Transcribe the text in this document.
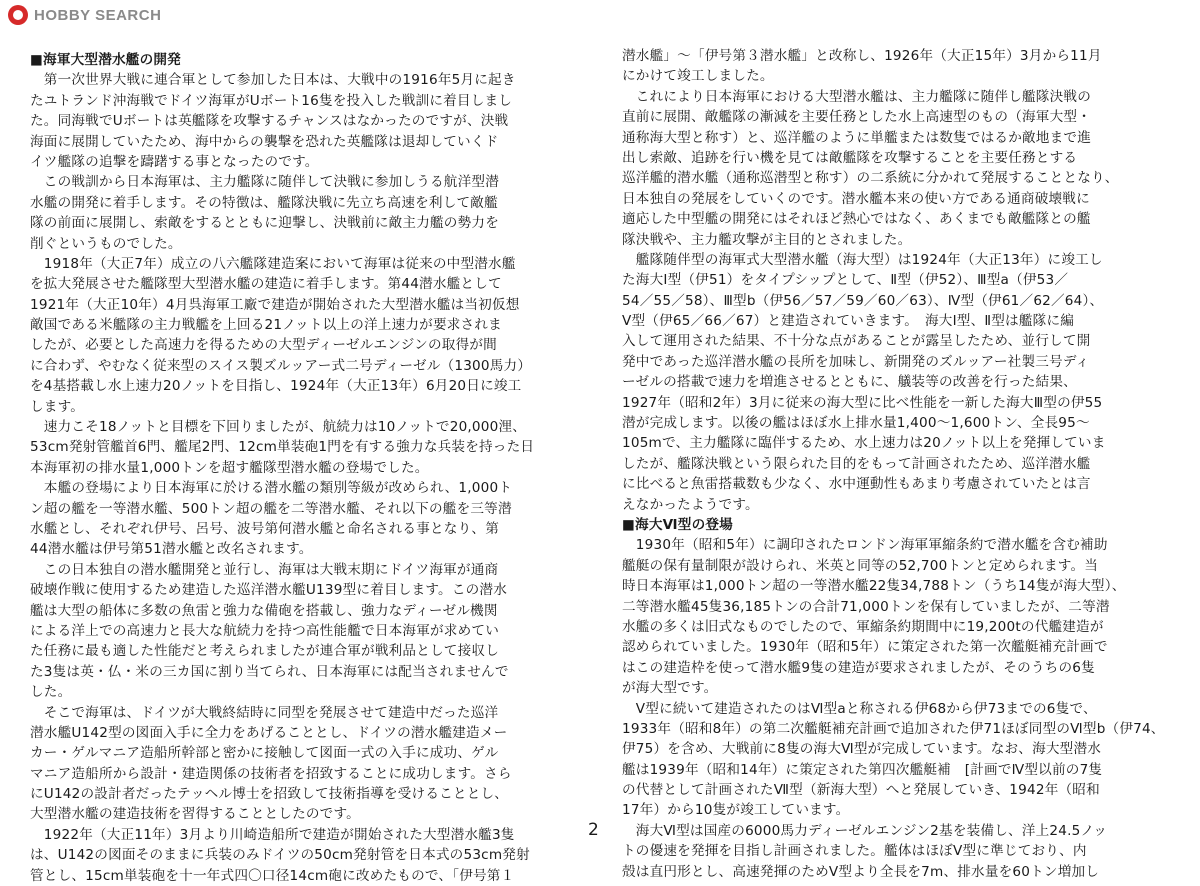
HOBBY SEARCH
■海軍大型潜水艦の開発
　第一次世界大戦に連合軍として参加した日本は、大戦中の1916年5月に起き
たユトランド沖海戦でドイツ海軍がUボート16隻を投入した戦訓に着目しまし
た。同海戦でUボートは英艦隊を攻撃するチャンスはなかったのですが、決戦
海面に展開していたため、海中からの襲撃を恐れた英艦隊は退却していくド
イツ艦隊の追撃を躊躇する事となったのです。
　この戦訓から日本海軍は、主力艦隊に随伴して決戦に参加しうる航洋型潜
水艦の開発に着手します。その特徴は、艦隊決戦に先立ち高速を利して敵艦
隊の前面に展開し、索敵をするとともに迎撃し、決戦前に敵主力艦の勢力を
削ぐというものでした。
　1918年（大正7年）成立の八六艦隊建造案において海軍は従来の中型潜水艦
を拡大発展させた艦隊型大型潜水艦の建造に着手します。第44潜水艦として
1921年（大正10年）4月呉海軍工廠で建造が開始された大型潜水艦は当初仮想
敵国である米艦隊の主力戦艦を上回る21ノット以上の洋上速力が要求されま
したが、必要とした高速力を得るための大型ディーゼルエンジンの取得が間
に合わず、やむなく従来型のスイス製ズルッアー式二号ディーゼル（1300馬力）
を4基搭載し水上速力20ノットを目指し、1924年（大正13年）6月20日に竣工
します。
　速力こそ18ノットと目標を下回りましたが、航続力は10ノットで20,000浬、
53cm発射管艦首6門、艦尾2門、12cm単装砲1門を有する強力な兵装を持った日
本海軍初の排水量1,000トンを超す艦隊型潜水艦の登場でした。
　本艦の登場により日本海軍に於ける潜水艦の類別等級が改められ、1,000ト
ン超の艦を一等潜水艦、500トン超の艦を二等潜水艦、それ以下の艦を三等潜
水艦とし、それぞれ伊号、呂号、波号第何潜水艦と命名される事となり、第
44潜水艦は伊号第51潜水艦と改名されます。
　この日本独自の潜水艦開発と並行し、海軍は大戦末期にドイツ海軍が通商
破壊作戦に使用するため建造した巡洋潜水艦U139型に着目します。この潜水
艦は大型の船体に多数の魚雷と強力な備砲を搭載し、強力なディーゼル機関
による洋上での高速力と長大な航続力を持つ高性能艦で日本海軍が求めてい
た任務に最も適した性能だと考えられましたが連合軍が戦利品として接収し
た3隻は英・仏・米の三カ国に割り当てられ、日本海軍には配当されませんで
した。
　そこで海軍は、ドイツが大戦終結時に同型を発展させて建造中だった巡洋
潜水艦U142型の図面入手に全力をあげることとし、ドイツの潜水艦建造メー
カー・ゲルマニア造船所幹部と密かに接触して図面一式の入手に成功、ゲル
マニア造船所から設計・建造関係の技術者を招致することに成功します。さら
にU142の設計者だったテッヘル博士を招致して技術指導を受けることとし、
大型潜水艦の建造技術を習得することとしたのです。
　1922年（大正11年）3月より川崎造船所で建造が開始された大型潜水艦3隻
は、U142の図面そのままに兵装のみドイツの50cm発射管を日本式の53cm発射
管とし、15cm単装砲を十一年式四〇口径14cm砲に改めたもので、「伊号第１
潜水艦」～「伊号第３潜水艦」と改称し、1926年（大正15年）3月から11月
にかけて竣工しました。
　これにより日本海軍における大型潜水艦は、主力艦隊に随伴し艦隊決戦の
直前に展開、敵艦隊の漸減を主要任務とした水上高速型のもの（海軍大型・
通称海大型と称す）と、巡洋艦のように単艦または数隻ではるか敵地まで進
出し索敵、追跡を行い機を見ては敵艦隊を攻撃することを主要任務とする
巡洋艦的潜水艦（通称巡潜型と称す）の二系統に分かれて発展することとなり、
日本独自の発展をしていくのです。潜水艦本来の使い方である通商破壊戦に
適応した中型艦の開発にはそれほど熱心ではなく、あくまでも敵艦隊との艦
隊決戦や、主力艦攻撃が主目的とされました。
　艦隊随伴型の海軍式大型潜水艦（海大型）は1924年（大正13年）に竣工し
た海大Ⅰ型（伊51）をタイプシップとして、Ⅱ型（伊52）、Ⅲ型a（伊53／
54／55／58）、Ⅲ型b（伊56／57／59／60／63）、Ⅳ型（伊61／62／64）、
Ⅴ型（伊65／66／67）と建造されていきます。　海大Ⅰ型、Ⅱ型は艦隊に編
入して運用された結果、不十分な点があることが露呈したため、並行して開
発中であった巡洋潜水艦の長所を加味し、新開発のズルッアー社製三号ディ
ーゼルの搭載で速力を増進させるとともに、艤装等の改善を行った結果、
1927年（昭和2年）3月に従来の海大型に比べ性能を一新した海大Ⅲ型の伊55
潜が完成します。以後の艦はほぼ水上排水量1,400～1,600トン、全長95～
105mで、主力艦隊に臨伴するため、水上速力は20ノット以上を発揮していま
したが、艦隊決戦という限られた目的をもって計画されたため、巡洋潜水艦
に比べると魚雷搭載数も少なく、水中運動性もあまり考慮されていたとは言
えなかったようです。
■海大Ⅵ型の登場
　1930年（昭和5年）に調印されたロンドン海軍軍縮条約で潜水艦を含む補助
艦艇の保有量制限が設けられ、米英と同等の52,700トンと定められます。当
時日本海軍は1,000トン超の一等潜水艦22隻34,788トン（うち14隻が海大型）、
二等潜水艦45隻36,185トンの合計71,000トンを保有していましたが、二等潜
水艦の多くは旧式なものでしたので、軍縮条約期間中に19,200tの代艦建造が
認められていました。1930年（昭和5年）に策定された第一次艦艇補充計画で
はこの建造枠を使って潜水艦9隻の建造が要求されましたが、そのうちの6隻
が海大型です。
　Ⅴ型に続いて建造されたのはⅥ型aと称される伊68から伊73までの6隻で、
1933年（昭和8年）の第二次艦艇補充計画で追加された伊71ほぼ同型のⅥ型b（伊74、
伊75）を含め、大戦前に8隻の海大Ⅵ型が完成しています。なお、海大型潜水
艦は1939年（昭和14年）に策定された第四次艦艇補　[計画でⅣ型以前の7隻
の代替として計画されたⅦ型（新海大型）へと発展していき、1942年（昭和
17年）から10隻が竣工しています。
　海大Ⅵ型は国産の6000馬力ディーゼルエンジン2基を装備し、洋上24.5ノッ
トの優速を発揮を目指し計画されました。艦体はほぼⅤ型に準じており、内
殻は直円形とし、高速発揮のためⅤ型より全長を7m、排水量を60トン増加し
2
